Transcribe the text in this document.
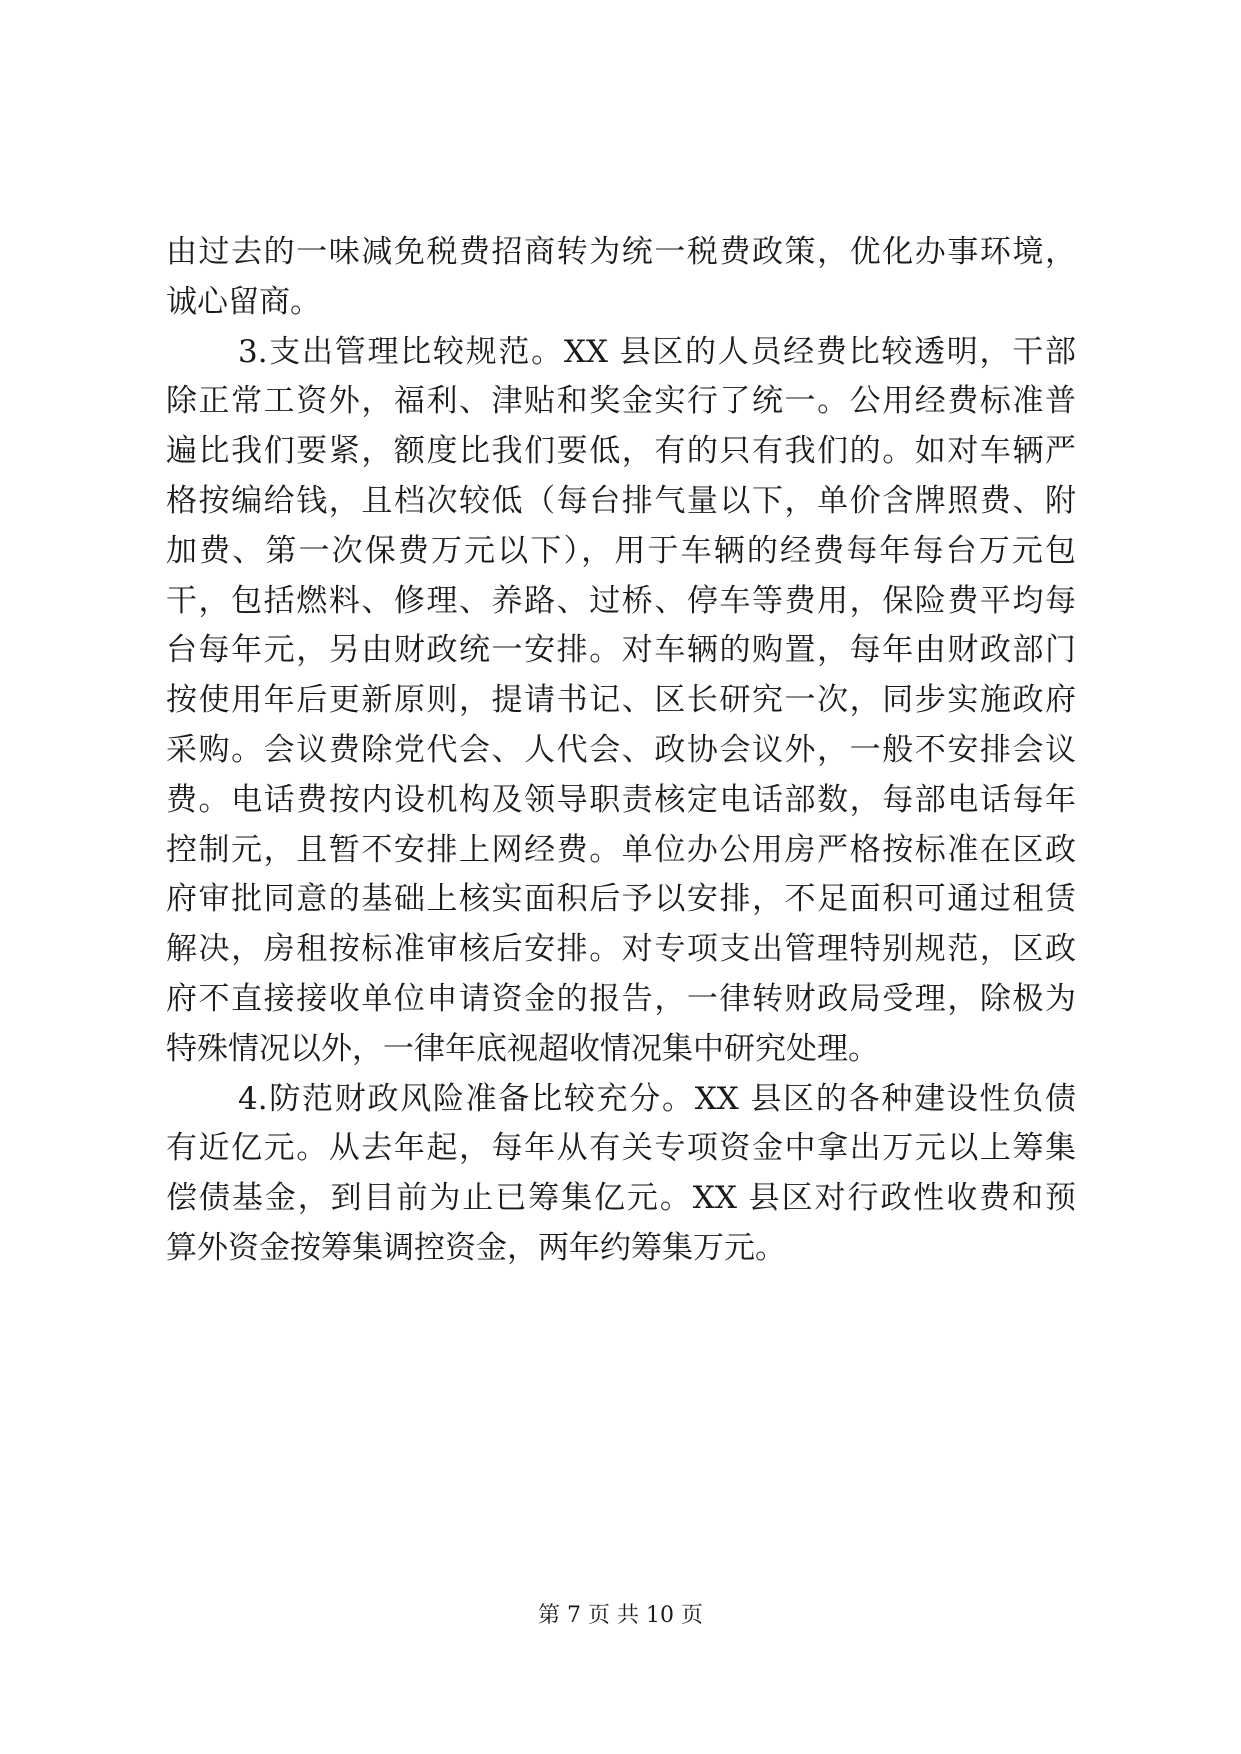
由过去的一味减免税费招商转为统一税费政策，优化办事环境，
诚心留商。
3.支出管理比较规范。XX 县区的人员经费比较透明，干部
除正常工资外，福利、津贴和奖金实行了统一。公用经费标准普
遍比我们要紧，额度比我们要低，有的只有我们的。如对车辆严
格按编给钱，且档次较低（每台排气量以下，单价含牌照费、附
加费、第一次保费万元以下），用于车辆的经费每年每台万元包
干，包括燃料、修理、养路、过桥、停车等费用，保险费平均每
台每年元，另由财政统一安排。对车辆的购置，每年由财政部门
按使用年后更新原则，提请书记、区长研究一次，同步实施政府
采购。会议费除党代会、人代会、政协会议外，一般不安排会议
费。电话费按内设机构及领导职责核定电话部数，每部电话每年
控制元，且暂不安排上网经费。单位办公用房严格按标准在区政
府审批同意的基础上核实面积后予以安排，不足面积可通过租赁
解决，房租按标准审核后安排。对专项支出管理特别规范，区政
府不直接接收单位申请资金的报告，一律转财政局受理，除极为
特殊情况以外，一律年底视超收情况集中研究处理。
4.防范财政风险准备比较充分。XX 县区的各种建设性负债
有近亿元。从去年起，每年从有关专项资金中拿出万元以上筹集
偿债基金，到目前为止已筹集亿元。XX 县区对行政性收费和预
算外资金按筹集调控资金，两年约筹集万元。
第 7 页 共 10 页
